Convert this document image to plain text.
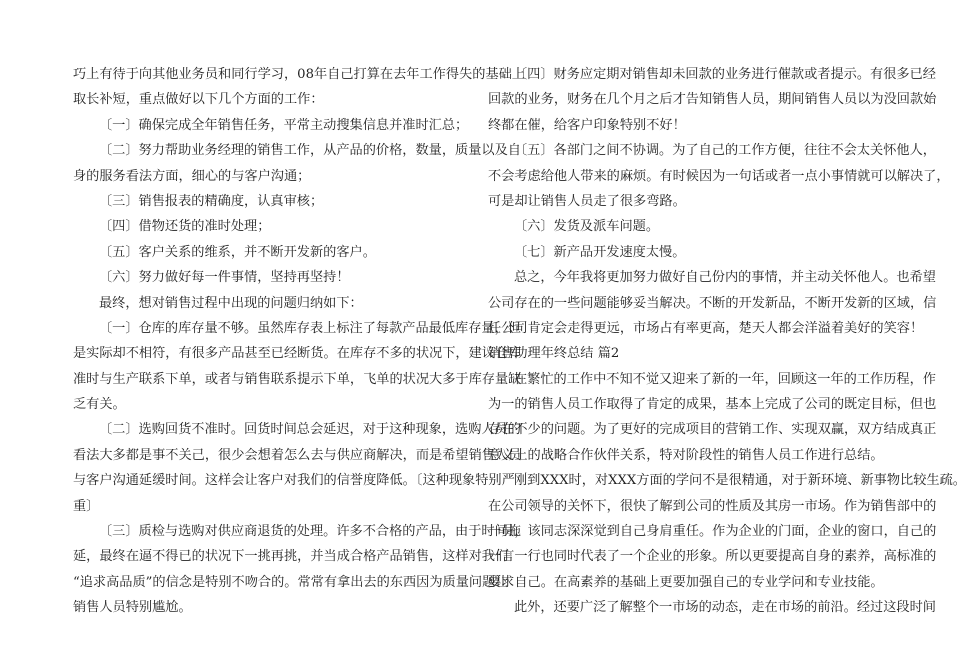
巧上有待于向其他业务员和同行学习，08年自己打算在去年工作得失的基础上
取长补短，重点做好以下几个方面的工作：
〔一〕确保完成全年销售任务，平常主动搜集信息并准时汇总；
〔二〕努力帮助业务经理的销售工作，从产品的价格，数量，质量以及自
身的服务看法方面，细心的与客户沟通；
〔三〕销售报表的精确度，认真审核；
〔四〕借物还货的准时处理；
〔五〕客户关系的维系，并不断开发新的客户。
〔六〕努力做好每一件事情，坚持再坚持！
最终，想对销售过程中出现的问题归纳如下：
〔一〕仓库的库存量不够。虽然库存表上标注了每款产品最低库存量，但
是实际却不相符，有很多产品甚至已经断货。在库存不多的状况下，建议仓库
准时与生产联系下单，或者与销售联系提示下单，飞单的状况大多于库存量缺
乏有关。
〔二〕选购回货不准时。回货时间总会延迟，对于这种现象，选购人员的
看法大多都是事不关己，很少会想着怎么去与供应商解决，而是希望销售人员
与客户沟通延缓时间。这样会让客户对我们的信誉度降低。〔这种现象特别严
重〕
〔三〕质检与选购对供应商退货的处理。许多不合格的产品，由于时间拖
延，最终在逼不得已的状况下一挑再挑，并当成合格产品销售，这样对我们
“追求高品质”的信念是特别不吻合的。常常有拿出去的东西因为质量问题让
销售人员特别尴尬。
〔四〕财务应定期对销售却未回款的业务进行催款或者提示。有很多已经
回款的业务，财务在几个月之后才告知销售人员，期间销售人员以为没回款始
终都在催，给客户印象特别不好！
〔五〕各部门之间不协调。为了自己的工作方便，往往不会太关怀他人，
不会考虑给他人带来的麻烦。有时候因为一句话或者一点小事情就可以解决了，
可是却让销售人员走了很多弯路。
〔六〕发货及派车问题。
〔七〕新产品开发速度太慢。
总之，今年我将更加努力做好自己份内的事情，并主动关怀他人。也希望
公司存在的一些问题能够妥当解决。不断的开发新品，不断开发新的区域，信
任公司肯定会走得更远，市场占有率更高，楚天人都会洋溢着美好的笑容！
销售助理年终总结 篇2
在繁忙的工作中不知不觉又迎来了新的一年，回顾这一年的工作历程，作
为一的销售人员工作取得了肯定的成果，基本上完成了公司的既定目标，但也
存在不少的问题。为了更好的完成项目的营销工作、实现双赢，双方结成真正
意义上的战略合作伙伴关系，特对阶段性的销售人员工作进行总结。
刚到XXX时，对XXX方面的学问不是很精通，对于新环境、新事物比较生疏。
在公司领导的关怀下，很快了解到公司的性质及其房一市场。作为销售部中的
一员，该同志深深觉到自己身肩重任。作为企业的门面，企业的窗口，自己的
一言一行也同时代表了一个企业的形象。所以更要提高自身的素养，高标准的
要求自己。在高素养的基础上更要加强自己的专业学问和专业技能。
此外，还要广泛了解整个一市场的动态，走在市场的前沿。经过这段时间
